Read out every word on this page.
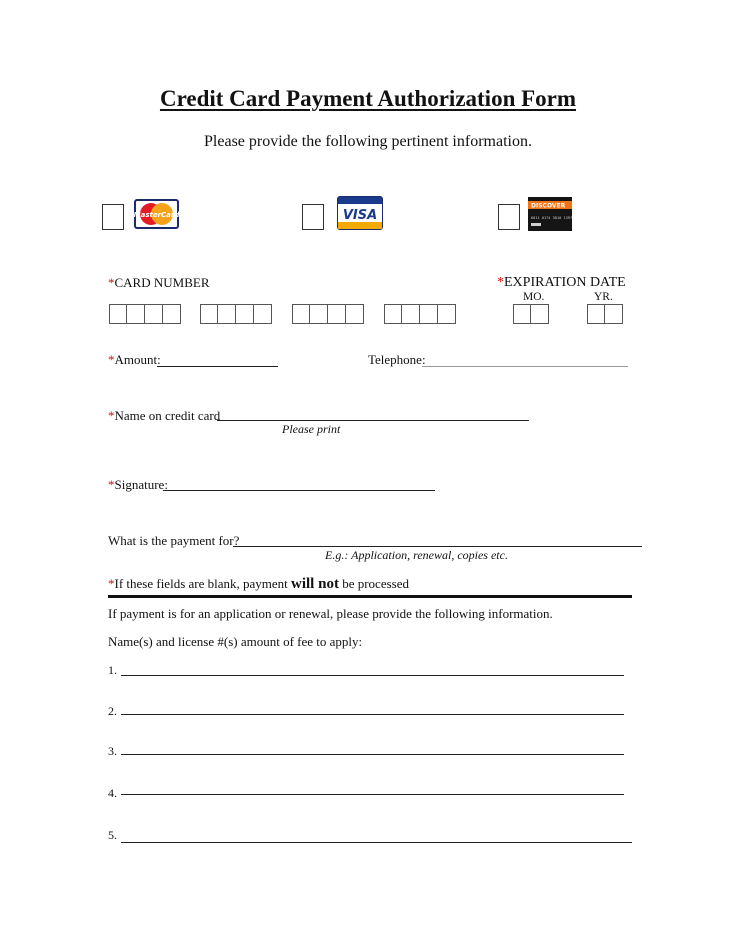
Credit Card Payment Authorization Form
Please provide the following pertinent information.
MasterCard	VISA
DISCOVER
6011 0174 3810 1397
*CARD NUMBER	*EXPIRATION DATE
MO.	YR.
*Amount:	Telephone:
*Name on credit card
Please print
*Signature:
What is the payment for?
E.g.: Application, renewal, copies etc.
*If these fields are blank, payment will not be processed
If payment is for an application or renewal, please provide the following information.
Name(s) and license #(s) amount of fee to apply:
1.
2.
3.
4.
5.
